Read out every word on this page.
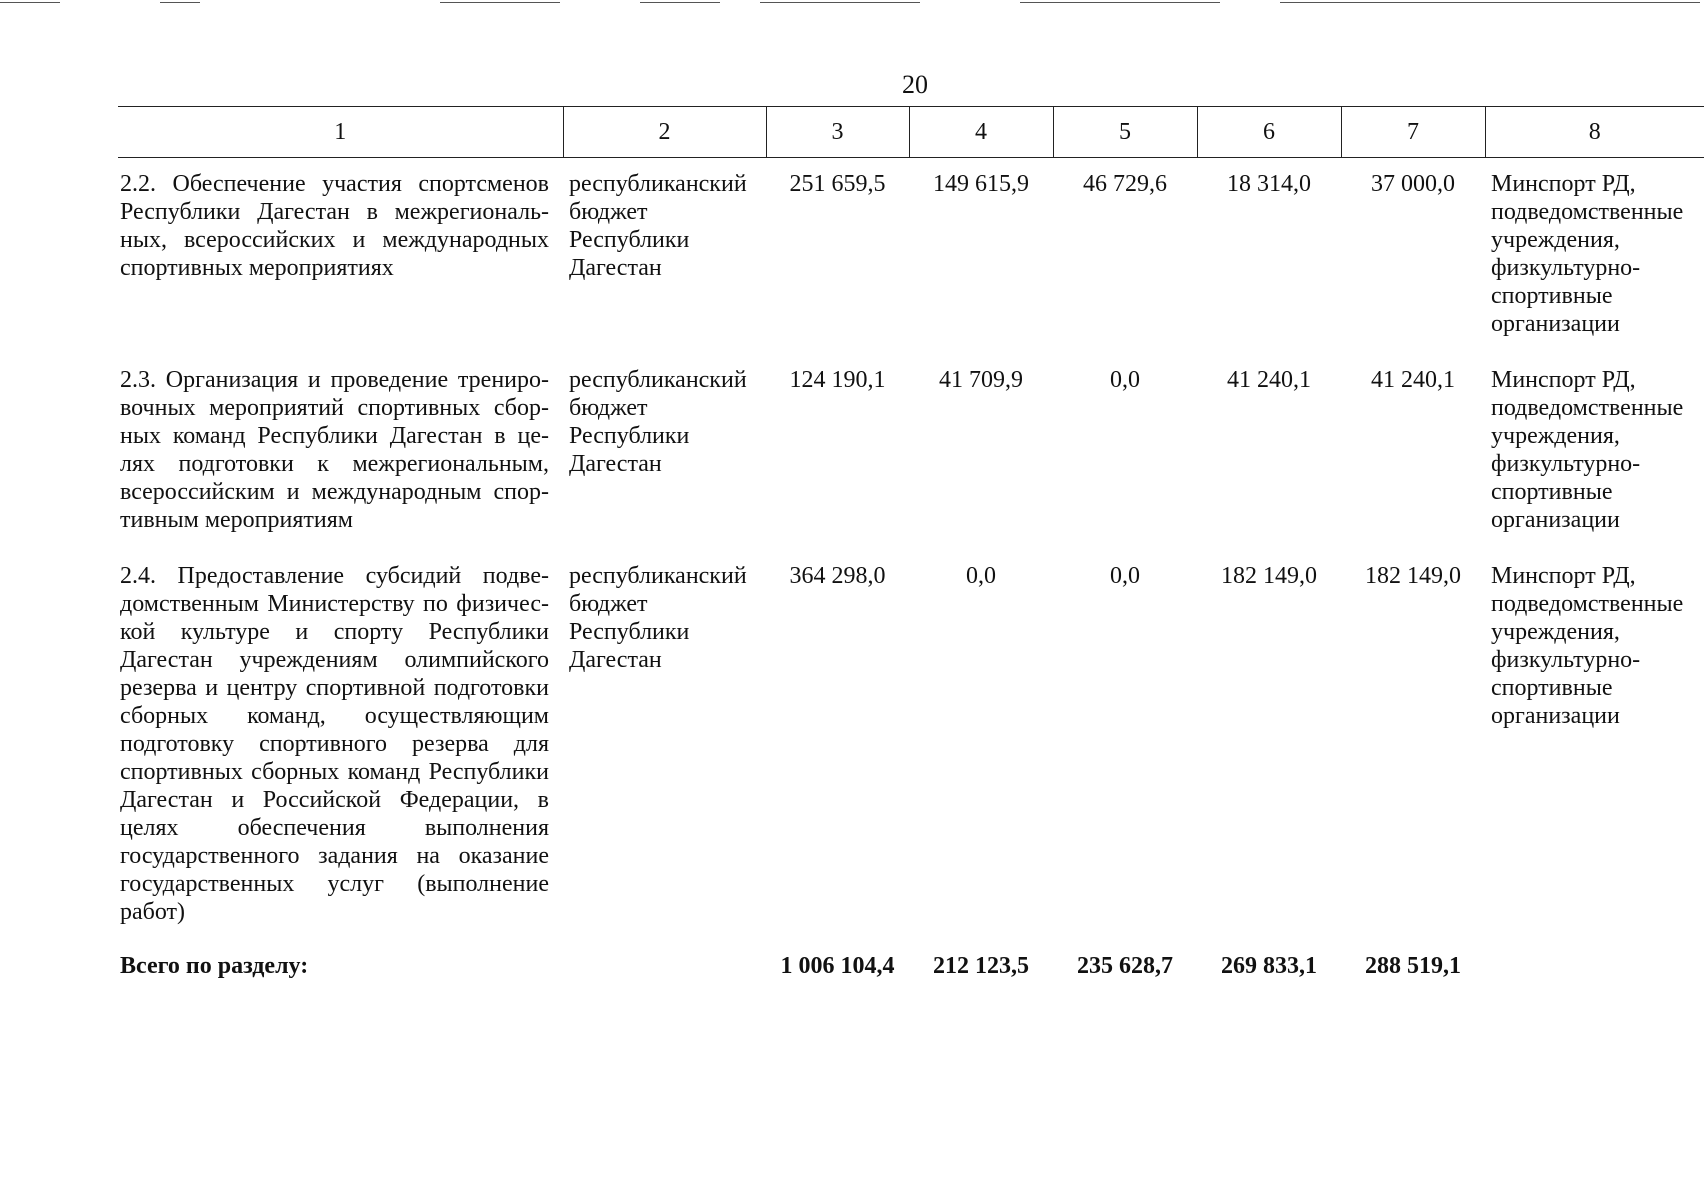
20
1	2	3	4	5	6	7	8
2.2. Обеспечение участия спортсменов Республики Дагестан в межрегиональ-ных, всероссийских и международных спортивных мероприятиях	республиканский бюджет Республики Дагестан	251 659,5	149 615,9	46 729,6	18 314,0	37 000,0	Минспорт РД, подведомственные учреждения, физкультурно-спортивные организации
2.3. Организация и проведение трениро-вочных мероприятий спортивных сбор-ных команд Республики Дагестан в це-лях подготовки к межрегиональным, всероссийским и международным спор-тивным мероприятиям	республиканский бюджет Республики Дагестан	124 190,1	41 709,9	0,0	41 240,1	41 240,1	Минспорт РД, подведомственные учреждения, физкультурно-спортивные организации
2.4. Предоставление субсидий подве-домственным Министерству по физичес-кой культуре и спорту Республики Дагестан учреждениям олимпийского резерва и центру спортивной подготовки сборных команд, осуществляющим подготовку спортивного резерва для спортивных сборных команд Республики Дагестан и Российской Федерации, в целях обеспечения выполнения государственного задания на оказание государственных услуг (выполнение работ)	республиканский бюджет Республики Дагестан	364 298,0	0,0	0,0	182 149,0	182 149,0	Минспорт РД, подведомственные учреждения, физкультурно-спортивные организации
Всего по разделу:		1 006 104,4	212 123,5	235 628,7	269 833,1	288 519,1	
